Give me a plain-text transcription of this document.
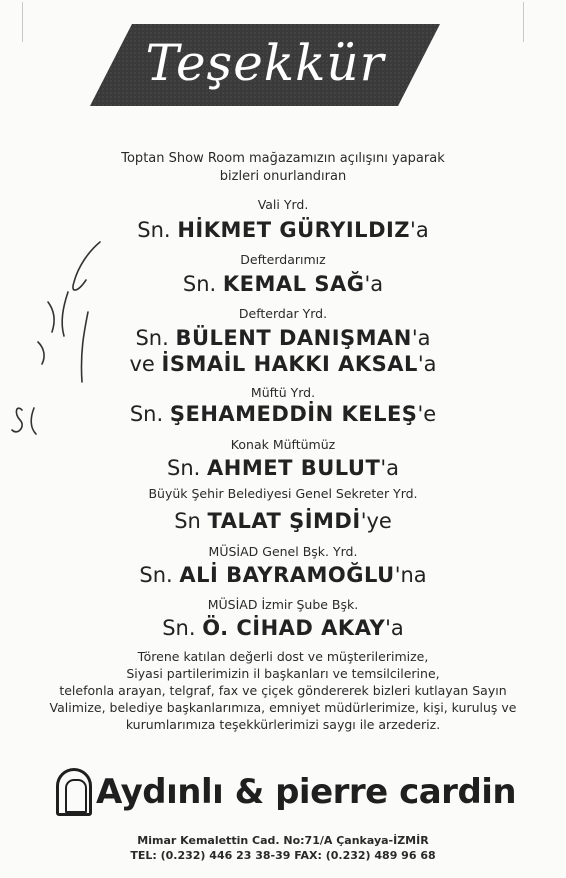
Teşekkür
Toptan Show Room mağazamızın açılışını yaparak
bizleri onurlandıran
Vali Yrd.
Sn. HİKMET GÜRYILDIZ'a
Defterdarımız
Sn. KEMAL SAĞ'a
Defterdar Yrd.
Sn. BÜLENT DANIŞMAN'a
ve İSMAİL HAKKI AKSAL'a
Müftü Yrd.
Sn. ŞEHAMEDDİN KELEŞ'e
Konak Müftümüz
Sn. AHMET BULUT'a
Büyük Şehir Belediyesi Genel Sekreter Yrd.
Sn TALAT ŞİMDİ'ye
MÜSİAD Genel Bşk. Yrd.
Sn. ALİ BAYRAMOĞLU'na
MÜSİAD İzmir Şube Bşk.
Sn. Ö. CİHAD AKAY'a
Törene katılan değerli dost ve müşterilerimize,
Siyasi partilerimizin il başkanları ve temsilcilerine,
telefonla arayan, telgraf, fax ve çiçek göndererek bizleri kutlayan Sayın
Valimize, belediye başkanlarımıza, emniyet müdürlerimize, kişi, kuruluş ve
kurumlarımıza teşekkürlerimizi saygı ile arzederiz.
Aydınlı & pierre cardin
Mimar Kemalettin Cad. No:71/A Çankaya-İZMİR
TEL: (0.232) 446 23 38-39 FAX: (0.232) 489 96 68
